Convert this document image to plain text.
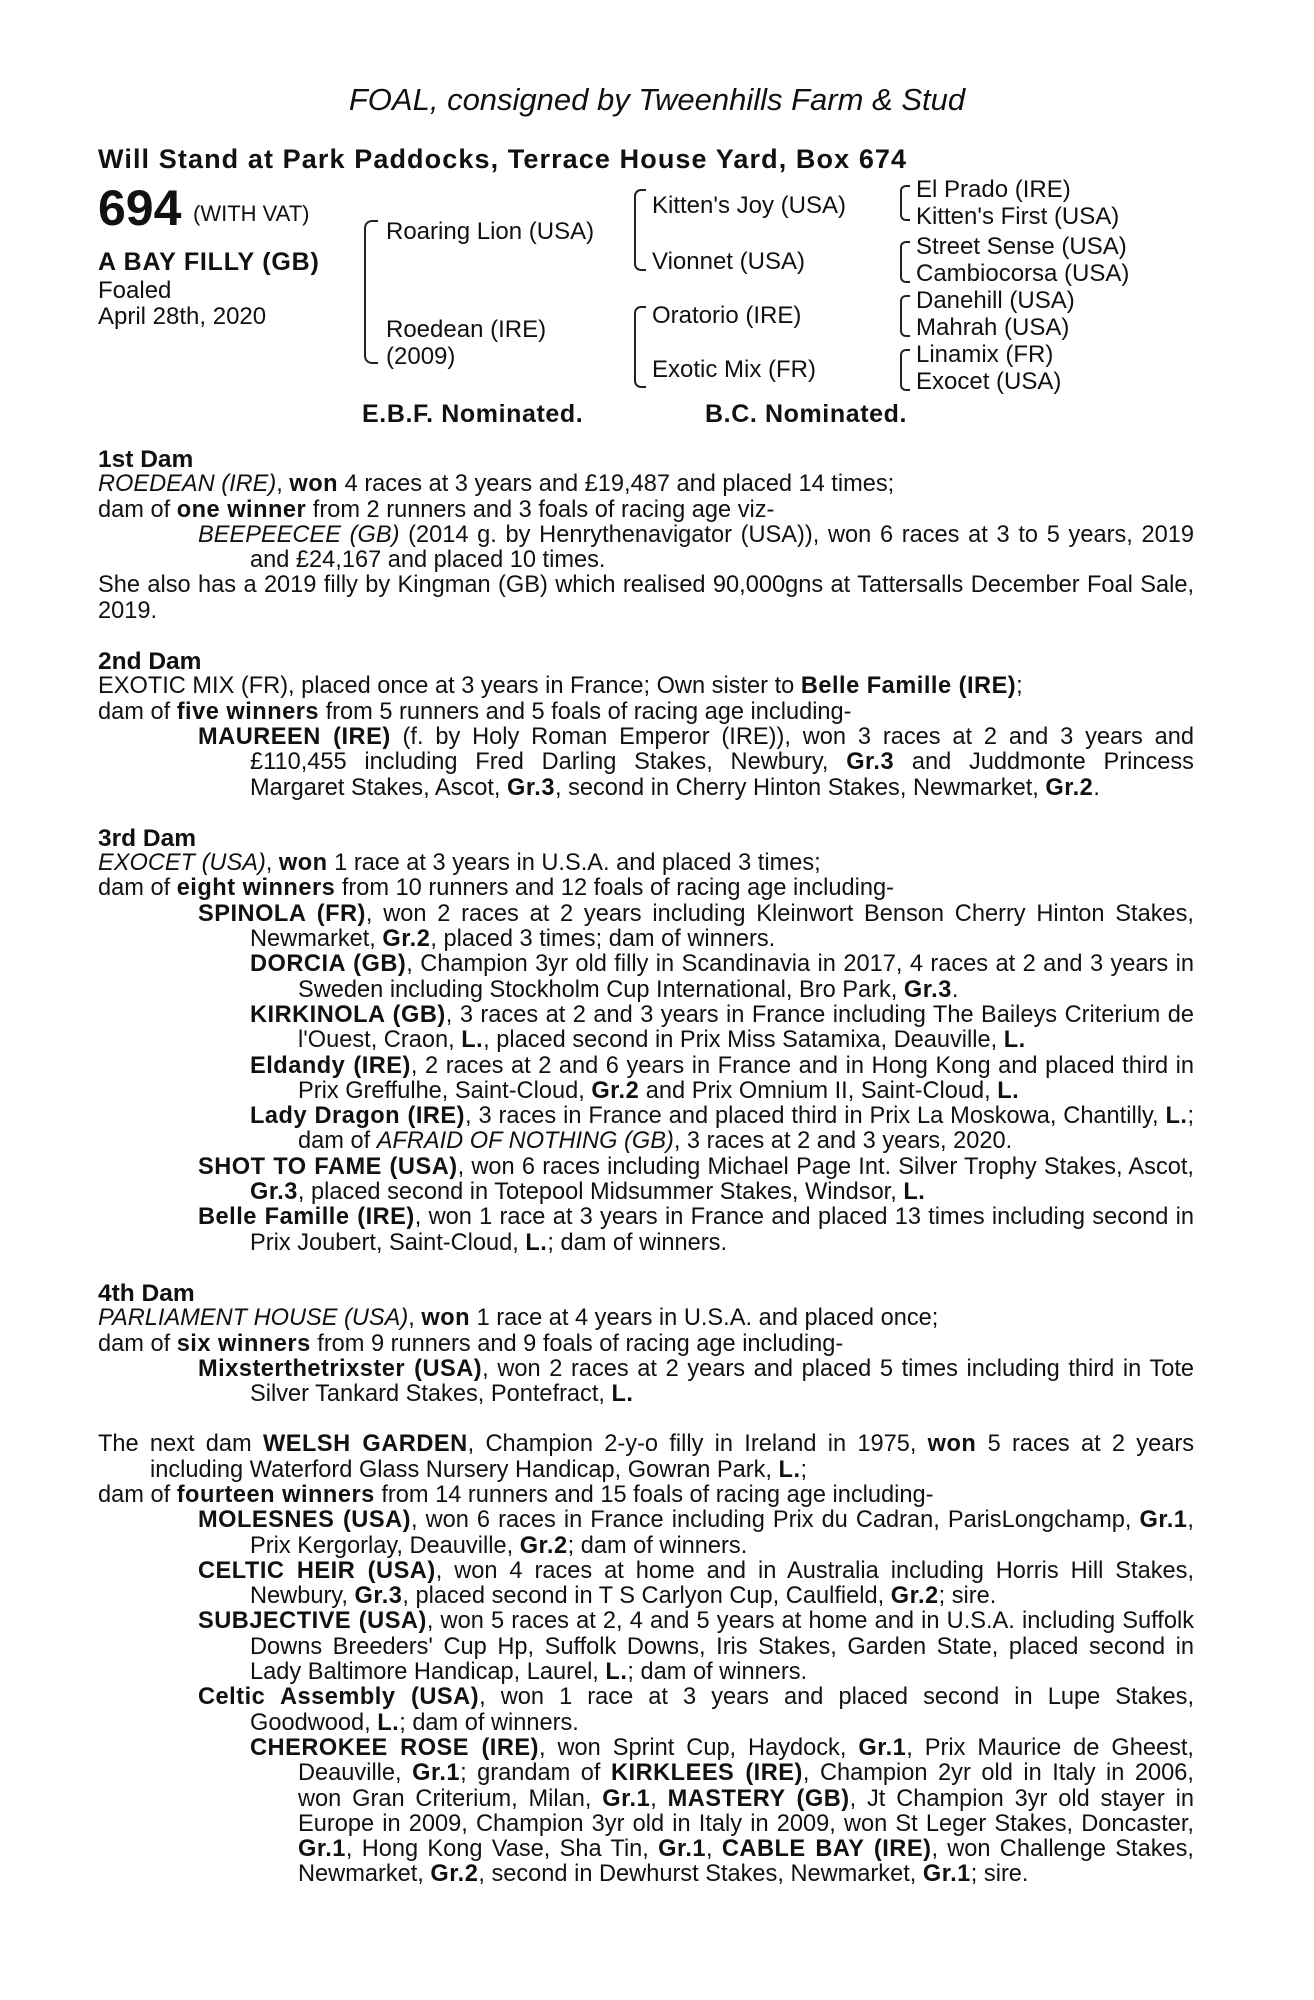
FOAL, consigned by Tweenhills Farm & Stud
Will Stand at Park Paddocks, Terrace House Yard, Box 674
694 (WITH VAT)
A BAY FILLY (GB)
Foaled
April 28th, 2020
Roaring Lion (USA)
Roedean (IRE)
(2009)
Kitten's Joy (USA)
Vionnet (USA)
Oratorio (IRE)
Exotic Mix (FR)
El Prado (IRE)
Kitten's First (USA)
Street Sense (USA)
Cambiocorsa (USA)
Danehill (USA)
Mahrah (USA)
Linamix (FR)
Exocet (USA)
E.B.F. Nominated.	B.C. Nominated.

1st Dam

ROEDEAN (IRE), won 4 races at 3 years and £19,487 and placed 14 times;

dam of one winner from 2 runners and 3 foals of racing age viz-

BEEPEECEE (GB) (2014 g. by Henrythenavigator (USA)), won 6 races at 3 to 5 years, 2019 and £24,167 and placed 10 times.

She also has a 2019 filly by Kingman (GB) which realised 90,000gns at Tattersalls December Foal Sale, 2019.

2nd Dam

EXOTIC MIX (FR), placed once at 3 years in France; Own sister to Belle Famille (IRE);

dam of five winners from 5 runners and 5 foals of racing age including-

MAUREEN (IRE) (f. by Holy Roman Emperor (IRE)), won 3 races at 2 and 3 years and £110,455 including Fred Darling Stakes, Newbury, Gr.3 and Juddmonte Princess Margaret Stakes, Ascot, Gr.3, second in Cherry Hinton Stakes, Newmarket, Gr.2.

3rd Dam

EXOCET (USA), won 1 race at 3 years in U.S.A. and placed 3 times;

dam of eight winners from 10 runners and 12 foals of racing age including-

SPINOLA (FR), won 2 races at 2 years including Kleinwort Benson Cherry Hinton Stakes, Newmarket, Gr.2, placed 3 times; dam of winners.

DORCIA (GB), Champion 3yr old filly in Scandinavia in 2017, 4 races at 2 and 3 years in Sweden including Stockholm Cup International, Bro Park, Gr.3.

KIRKINOLA (GB), 3 races at 2 and 3 years in France including The Baileys Criterium de l'Ouest, Craon, L., placed second in Prix Miss Satamixa, Deauville, L.

Eldandy (IRE), 2 races at 2 and 6 years in France and in Hong Kong and placed third in Prix Greffulhe, Saint-Cloud, Gr.2 and Prix Omnium II, Saint-Cloud, L.

Lady Dragon (IRE), 3 races in France and placed third in Prix La Moskowa, Chantilly, L.; dam of AFRAID OF NOTHING (GB), 3 races at 2 and 3 years, 2020.

SHOT TO FAME (USA), won 6 races including Michael Page Int. Silver Trophy Stakes, Ascot, Gr.3, placed second in Totepool Midsummer Stakes, Windsor, L.

Belle Famille (IRE), won 1 race at 3 years in France and placed 13 times including second in Prix Joubert, Saint-Cloud, L.; dam of winners.

4th Dam

PARLIAMENT HOUSE (USA), won 1 race at 4 years in U.S.A. and placed once;

dam of six winners from 9 runners and 9 foals of racing age including-

Mixsterthetrixster (USA), won 2 races at 2 years and placed 5 times including third in Tote Silver Tankard Stakes, Pontefract, L.

The next dam WELSH GARDEN, Champion 2-y-o filly in Ireland in 1975, won 5 races at 2 years including Waterford Glass Nursery Handicap, Gowran Park, L.;

dam of fourteen winners from 14 runners and 15 foals of racing age including-

MOLESNES (USA), won 6 races in France including Prix du Cadran, ParisLongchamp, Gr.1, Prix Kergorlay, Deauville, Gr.2; dam of winners.

CELTIC HEIR (USA), won 4 races at home and in Australia including Horris Hill Stakes, Newbury, Gr.3, placed second in T S Carlyon Cup, Caulfield, Gr.2; sire.

SUBJECTIVE (USA), won 5 races at 2, 4 and 5 years at home and in U.S.A. including Suffolk Downs Breeders' Cup Hp, Suffolk Downs, Iris Stakes, Garden State, placed second in Lady Baltimore Handicap, Laurel, L.; dam of winners.

Celtic Assembly (USA), won 1 race at 3 years and placed second in Lupe Stakes, Goodwood, L.; dam of winners.

CHEROKEE ROSE (IRE), won Sprint Cup, Haydock, Gr.1, Prix Maurice de Gheest, Deauville, Gr.1; grandam of KIRKLEES (IRE), Champion 2yr old in Italy in 2006, won Gran Criterium, Milan, Gr.1, MASTERY (GB), Jt Champion 3yr old stayer in Europe in 2009, Champion 3yr old in Italy in 2009, won St Leger Stakes, Doncaster, Gr.1, Hong Kong Vase, Sha Tin, Gr.1, CABLE BAY (IRE), won Challenge Stakes, Newmarket, Gr.2, second in Dewhurst Stakes, Newmarket, Gr.1; sire.
